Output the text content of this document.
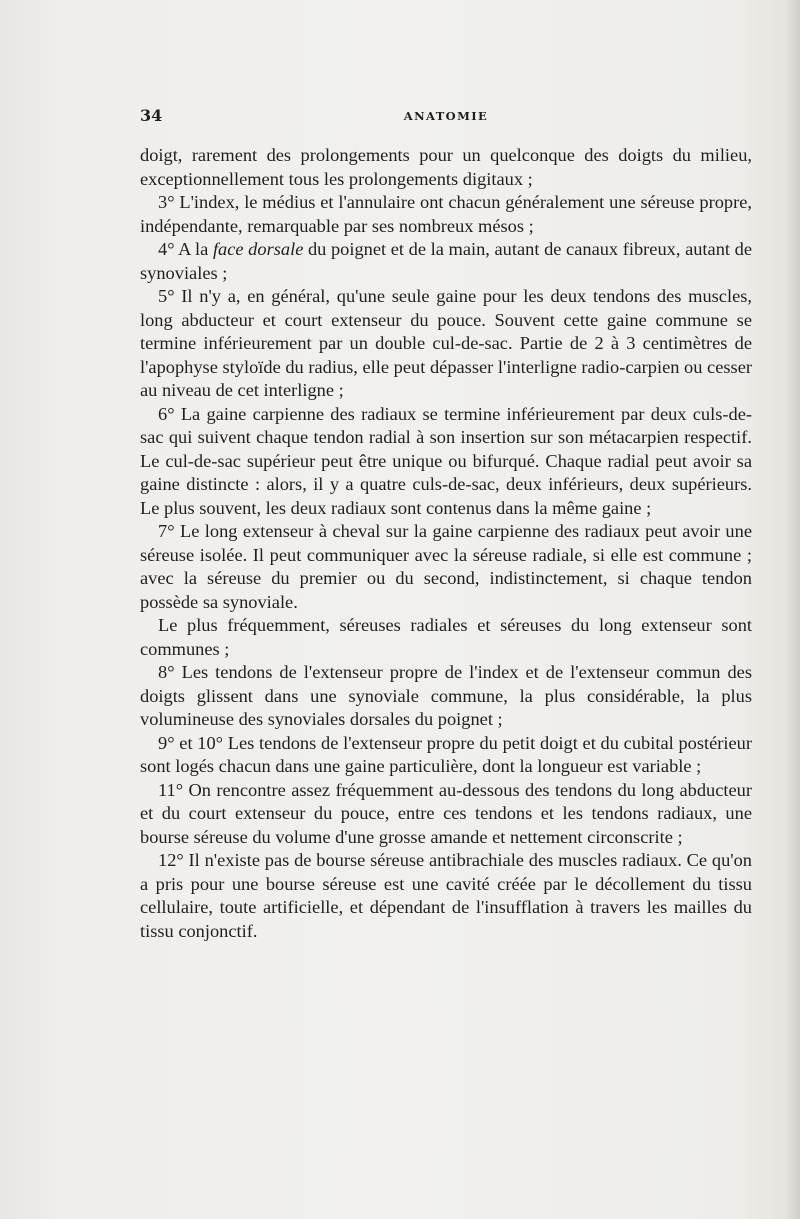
34	ANATOMIE

doigt, rarement des prolongements pour un quelconque des doigts du milieu, exceptionnellement tous les prolongements digitaux ;

3° L'index, le médius et l'annulaire ont chacun généralement une séreuse propre, indépendante, remarquable par ses nombreux mésos ;

4° A la face dorsale du poignet et de la main, autant de canaux fibreux, autant de synoviales ;

5° Il n'y a, en général, qu'une seule gaine pour les deux tendons des muscles, long abducteur et court extenseur du pouce. Souvent cette gaine commune se termine inférieurement par un double cul-de-sac. Partie de 2 à 3 centimètres de l'apophyse styloïde du radius, elle peut dépasser l'interligne radio-carpien ou cesser au niveau de cet interligne ;

6° La gaine carpienne des radiaux se termine inférieurement par deux culs-de-sac qui suivent chaque tendon radial à son insertion sur son métacarpien respectif. Le cul-de-sac supérieur peut être unique ou bifurqué. Chaque radial peut avoir sa gaine distincte : alors, il y a quatre culs-de-sac, deux inférieurs, deux supérieurs. Le plus souvent, les deux radiaux sont contenus dans la même gaine ;

7° Le long extenseur à cheval sur la gaine carpienne des radiaux peut avoir une séreuse isolée. Il peut communiquer avec la séreuse radiale, si elle est commune ; avec la séreuse du premier ou du second, indistinctement, si chaque tendon possède sa synoviale.

Le plus fréquemment, séreuses radiales et séreuses du long extenseur sont communes ;

8° Les tendons de l'extenseur propre de l'index et de l'extenseur commun des doigts glissent dans une synoviale commune, la plus considérable, la plus volumineuse des synoviales dorsales du poignet ;

9° et 10° Les tendons de l'extenseur propre du petit doigt et du cubital postérieur sont logés chacun dans une gaine particulière, dont la longueur est variable ;

11° On rencontre assez fréquemment au-dessous des tendons du long abducteur et du court extenseur du pouce, entre ces tendons et les tendons radiaux, une bourse séreuse du volume d'une grosse amande et nettement circonscrite ;

12° Il n'existe pas de bourse séreuse antibrachiale des muscles radiaux. Ce qu'on a pris pour une bourse séreuse est une cavité créée par le décollement du tissu cellulaire, toute artificielle, et dépendant de l'insufflation à travers les mailles du tissu conjonctif.
